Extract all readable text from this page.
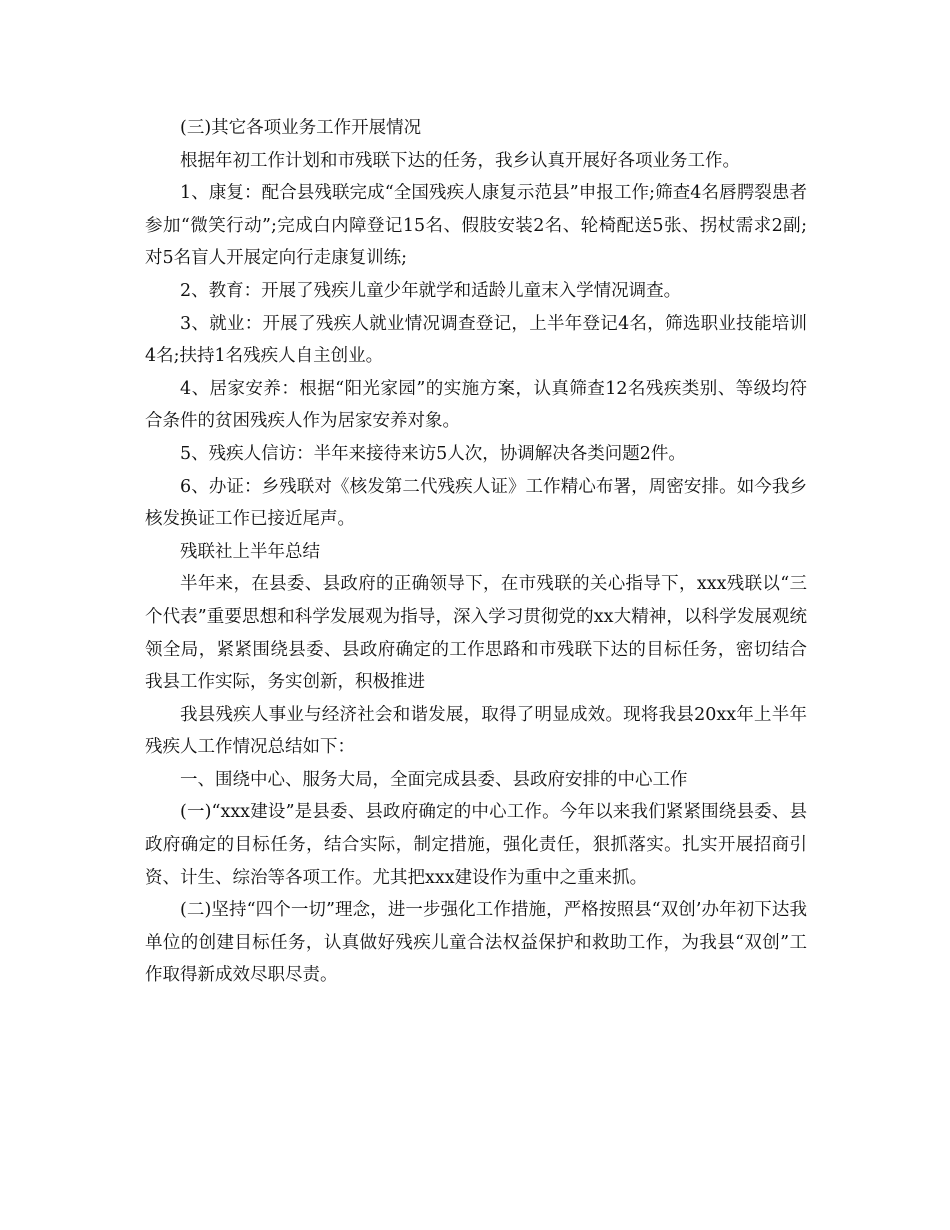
(三)其它各项业务工作开展情况

根据年初工作计划和市残联下达的任务，我乡认真开展好各项业务工作。

1、康复：配合县残联完成“全国残疾人康复示范县”申报工作;筛查4名唇腭裂患者参加“微笑行动”;完成白内障登记15名、假肢安装2名、轮椅配送5张、拐杖需求2副;对5名盲人开展定向行走康复训练;

2、教育：开展了残疾儿童少年就学和适龄儿童末入学情况调查。

3、就业：开展了残疾人就业情况调查登记，上半年登记4名，筛选职业技能培训4名;扶持1名残疾人自主创业。

4、居家安养：根据“阳光家园”的实施方案，认真筛查12名残疾类别、等级均符合条件的贫困残疾人作为居家安养对象。

5、残疾人信访：半年来接待来访5人次，协调解决各类问题2件。

6、办证：乡残联对《核发第二代残疾人证》工作精心布署，周密安排。如今我乡核发换证工作已接近尾声。

残联社上半年总结

半年来，在县委、县政府的正确领导下，在市残联的关心指导下，xxx残联以“三个代表”重要思想和科学发展观为指导，深入学习贯彻党的xx大精神，以科学发展观统领全局，紧紧围绕县委、县政府确定的工作思路和市残联下达的目标任务，密切结合我县工作实际，务实创新，积极推进

我县残疾人事业与经济社会和谐发展，取得了明显成效。现将我县20xx年上半年残疾人工作情况总结如下：

一、围绕中心、服务大局，全面完成县委、县政府安排的中心工作

(一)“xxx建设”是县委、县政府确定的中心工作。今年以来我们紧紧围绕县委、县政府确定的目标任务，结合实际，制定措施，强化责任，狠抓落实。扎实开展招商引资、计生、综治等各项工作。尤其把xxx建设作为重中之重来抓。

(二)坚持“四个一切”理念，进一步强化工作措施，严格按照县“双创’办年初下达我单位的创建目标任务，认真做好残疾儿童合法权益保护和救助工作，为我县“双创”工作取得新成效尽职尽责。
